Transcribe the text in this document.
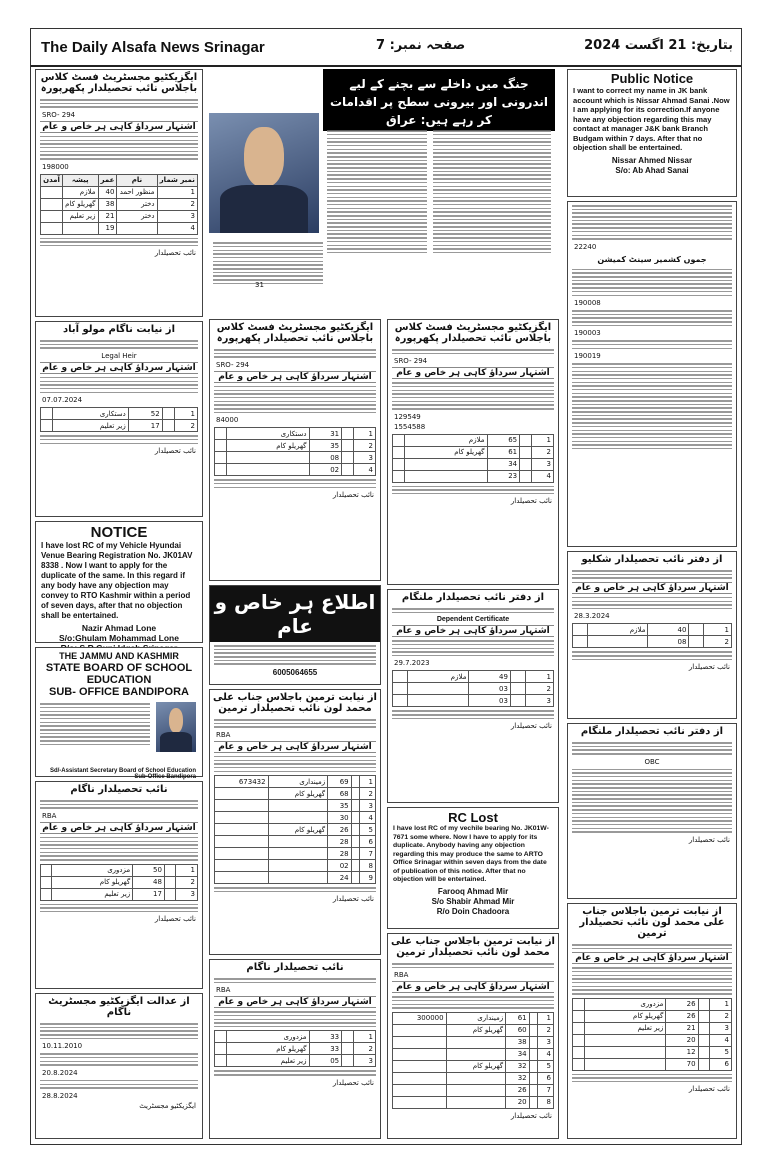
The Daily Alsafa News Srinagar	صفحہ نمبر: 7	بتاریخ: 21 اگست 2024
ایگزیکٹیو مجسٹریٹ فسٹ کلاس باجلاس نائب تحصیلدار پکھرپورہ
SRO- 294
اشتہار سرداؤ کاہی ہر خاص و عام
198000
نمبر شمار	نام	عمر	پیشہ	آمدن
1	منظور احمد	40	ملازم	
2	دختر	38	گھریلو کام	
3	دختر	21	زیر تعلیم	
4		19		
نائب تحصیلدار
از نیابت ناگام مولو آباد
Legal Heir
اشتہار سرداؤ کاہی ہر خاص و عام
07.07.2024
1		52	دستکاری	
2		17	زیر تعلیم	
نائب تحصیلدار
NOTICE
I have lost RC of my Vehicle Hyundai Venue Bearing Registration No. JK01AV 8338 . Now I want to apply for the duplicate of the same. In this regard if any body have any objection may convey to RTO Kashmir within a period of seven days, after that no objection shall be entertained.
Nazir Ahmad Lone
S/o:Ghulam Mohammad Lone
THE JAMMU AND KASHMIR
STATE BOARD OF SCHOOL EDUCATION
SUB- OFFICE BANDIPORA
Sd/-Assistant Secretary Board of School Education Sub-Office Bandipora
نائب تحصیلدار ناگام
RBA
اشتہار سرداؤ کاہی ہر خاص و عام
1		50	مزدوری	
2		48	گھریلو کام	
3		17	زیر تعلیم	
نائب تحصیلدار
از عدالت ایگزیکٹیو مجسٹریٹ ناگام
10.11.2010
20.8.2024
28.8.2024
ایگزیکٹیو مجسٹریٹ
جنگ میں داخلے سے بچنے کے لیے اندرونی اور بیرونی سطح پر اقدامات کر رہے ہیں: عراق
31
ایگزیکٹیو مجسٹریٹ فسٹ کلاس باجلاس نائب تحصیلدار پکھرپورہ
SRO- 294
اشتہار سرداؤ کاہی ہر خاص و عام
84000
1		31	دستکاری	
2		35	گھریلو کام	
3		08		
4		02		
نائب تحصیلدار
اطلاع ہر خاص و عام
6005064655
از نیابت ترمین باجلاس جناب علی محمد لون نائب تحصیلدار ترمین
RBA
اشتہار سرداؤ کاہی ہر خاص و عام
1		69	زمینداری	673432
2		68	گھریلو کام	
3		35		
4		30		
5		26	گھریلو کام	
6		28		
7		28		
8		02		
9		24		
نائب تحصیلدار
نائب تحصیلدار ناگام
RBA
اشتہار سرداؤ کاہی ہر خاص و عام
1		33	مزدوری	
2		33	گھریلو کام	
3		05	زیر تعلیم	
نائب تحصیلدار
ایگزیکٹیو مجسٹریٹ فسٹ کلاس باجلاس نائب تحصیلدار پکھرپورہ
SRO- 294
اشتہار سرداؤ کاہی ہر خاص و عام
129549
1554588
1		65	ملازم	
2		61	گھریلو کام	
3		34		
4		23		
نائب تحصیلدار
از دفتر نائب تحصیلدار ملنگام
Dependent Certificate
اشتہار سرداؤ کاہی ہر خاص و عام
29.7.2023
1		49	ملازم	
2		03		
3		03		
نائب تحصیلدار
RC Lost
I have lost RC of my vechile bearing No. JK01W-7671 some where. Now I have to apply for its duplicate. Anybody having any objection regarding this may produce the same to ARTO Office Srinagar within seven days from the date of publication of this notice. After that no objection will be entertained.
Farooq Ahmad Mir
S/o Shabir Ahmad Mir
R/o Doin Chadoora
از نیابت ترمین باجلاس جناب علی محمد لون نائب تحصیلدار ترمین
RBA
اشتہار سرداؤ کاہی ہر خاص و عام
1		61	زمینداری	300000
2		60	گھریلو کام	
3		38		
4		34		
5		32	گھریلو کام	
6		32		
7		26		
8		20		
نائب تحصیلدار
Public Notice
I want to correct my name in JK bank account which is Nissar Ahmad Sanai .Now I am applying for its correction.If anyone have any objection regarding this may contact at manager J&K bank Branch Budgam within 7 days. After that no objection shall be entertained.
Nissar Ahmed Nissar
S/o: Ab Ahad Sanai
22240
جموں کشمیر سینٹ کمیشن
190008
190003
190019
از دفتر نائب تحصیلدار شکلیو
اشتہار سرداؤ کاہی ہر خاص و عام
28.3.2024
1		40	ملازم	
2		08		
نائب تحصیلدار
از دفتر نائب تحصیلدار ملنگام
OBC
نائب تحصیلدار
از نیابت ترمین باجلاس جناب علی محمد لون نائب تحصیلدار ترمین
اشتہار سرداؤ کاہی ہر خاص و عام
1		26	مزدوری	
2		26	گھریلو کام	
3		21	زیر تعلیم	
4		20		
5		12		
6		70		
نائب تحصیلدار
